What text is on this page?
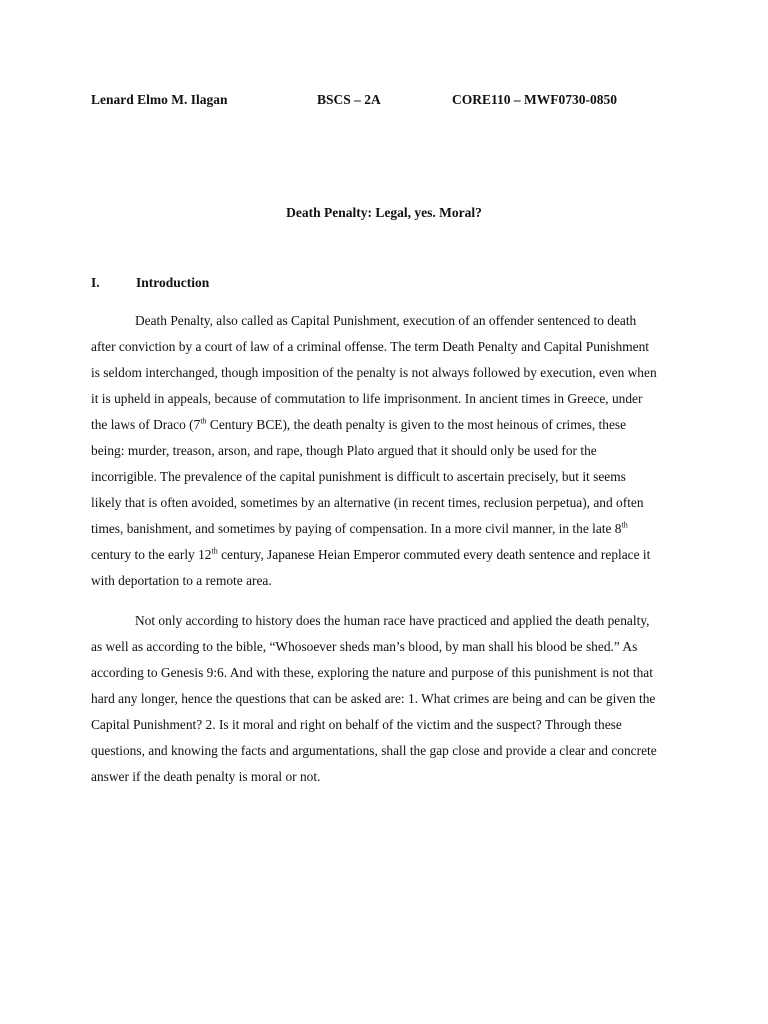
Lenard Elmo M. Ilagan	BSCS – 2A	CORE110 – MWF0730-0850
Death Penalty: Legal, yes. Moral?
I.	Introduction

Death Penalty, also called as Capital Punishment, execution of an offender sentenced to death after conviction by a court of law of a criminal offense. The term Death Penalty and Capital Punishment is seldom interchanged, though imposition of the penalty is not always followed by execution, even when it is upheld in appeals, because of commutation to life imprisonment. In ancient times in Greece, under the laws of Draco (7th Century BCE), the death penalty is given to the most heinous of crimes, these being: murder, treason, arson, and rape, though Plato argued that it should only be used for the incorrigible. The prevalence of the capital punishment is difficult to ascertain precisely, but it seems likely that is often avoided, sometimes by an alternative (in recent times, reclusion perpetua), and often times, banishment, and sometimes by paying of compensation. In a more civil manner, in the late 8th century to the early 12th century, Japanese Heian Emperor commuted every death sentence and replace it with deportation to a remote area.

Not only according to history does the human race have practiced and applied the death penalty, as well as according to the bible, “Whosoever sheds man’s blood, by man shall his blood be shed.” As according to Genesis 9:6. And with these, exploring the nature and purpose of this punishment is not that hard any longer, hence the questions that can be asked are: 1. What crimes are being and can be given the Capital Punishment? 2. Is it moral and right on behalf of the victim and the suspect? Through these questions, and knowing the facts and argumentations, shall the gap close and provide a clear and concrete answer if the death penalty is moral or not.
